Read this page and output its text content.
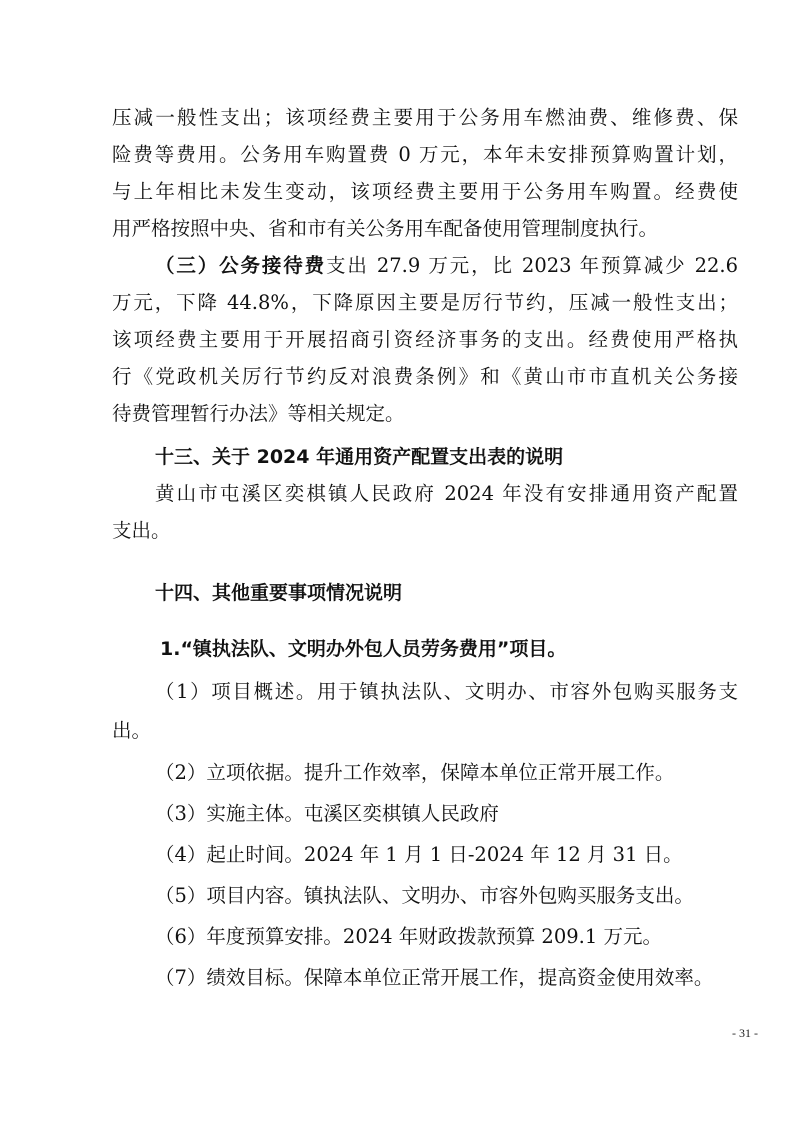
压减一般性支出；该项经费主要用于公务用车燃油费、维修费、保
险费等费用。公务用车购置费 0 万元，本年未安排预算购置计划，
与上年相比未发生变动，该项经费主要用于公务用车购置。经费使
用严格按照中央、省和市有关公务用车配备使用管理制度执行。
（三）公务接待费支出 27.9 万元，比 2023 年预算减少 22.6
万元，下降 44.8%，下降原因主要是厉行节约，压减一般性支出；
该项经费主要用于开展招商引资经济事务的支出。经费使用严格执
行《党政机关厉行节约反对浪费条例》和《黄山市市直机关公务接
待费管理暂行办法》等相关规定。
十三、关于 2024 年通用资产配置支出表的说明
黄山市屯溪区奕棋镇人民政府 2024 年没有安排通用资产配置
支出。
十四、其他重要事项情况说明
1.“镇执法队、文明办外包人员劳务费用”项目。
（1）项目概述。用于镇执法队、文明办、市容外包购买服务支
出。
（2）立项依据。提升工作效率，保障本单位正常开展工作。
（3）实施主体。屯溪区奕棋镇人民政府
（4）起止时间。2024 年 1 月 1 日-2024 年 12 月 31 日。
（5）项目内容。镇执法队、文明办、市容外包购买服务支出。
（6）年度预算安排。2024 年财政拨款预算 209.1 万元。
（7）绩效目标。保障本单位正常开展工作，提高资金使用效率。
- 31 -
